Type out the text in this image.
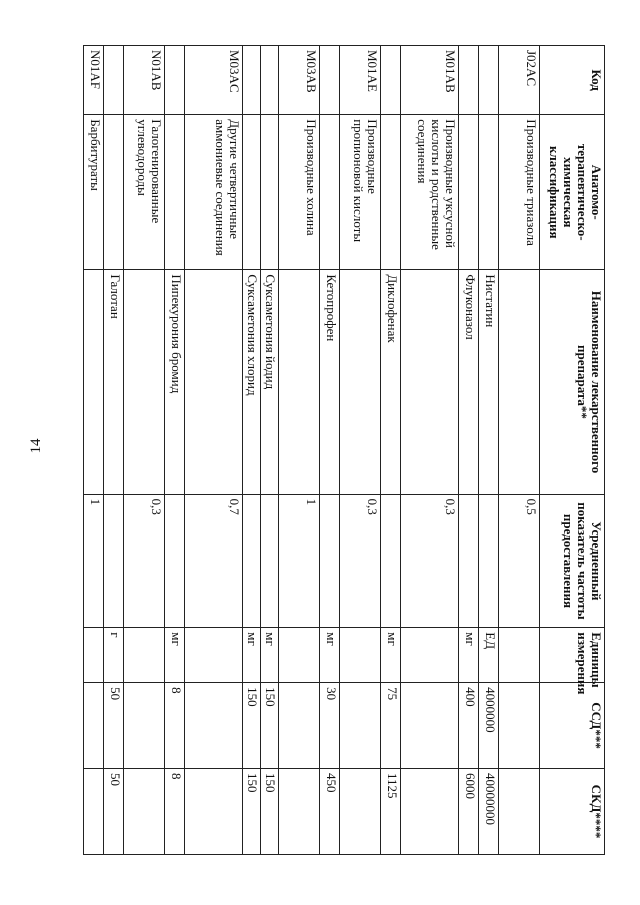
14
Код	Анатомо-терапевтическо-химическая классификация	Наименование лекарственного препарата**	Усредненный показатель частоты предоставления	Единицы измерения	ССД***	СКД****
J02AC	Производные триазола		0,5			
		Нистатин		ЕД	4000000	40000000
		Флуконазол		мг	400	6000
M01AB	Производные уксусной кислоты и родственные соединения		0,3			
		Диклофенак		мг	75	1125
M01AE	Производные пропионовой кислоты		0,3			
		Кетопрофен		мг	30	450
M03AB	Производные холина		1			
		Суксаметония йодид		мг	150	150
		Суксаметония хлорид		мг	150	150
M03AC	Другие четвертичные аммониевые соединения		0,7			
		Пипекурония бромид		мг	8	8
N01AB	Галогенированные углеводороды		0,3			
		Галотан		г	50	50
N01AF	Барбитураты		1			
